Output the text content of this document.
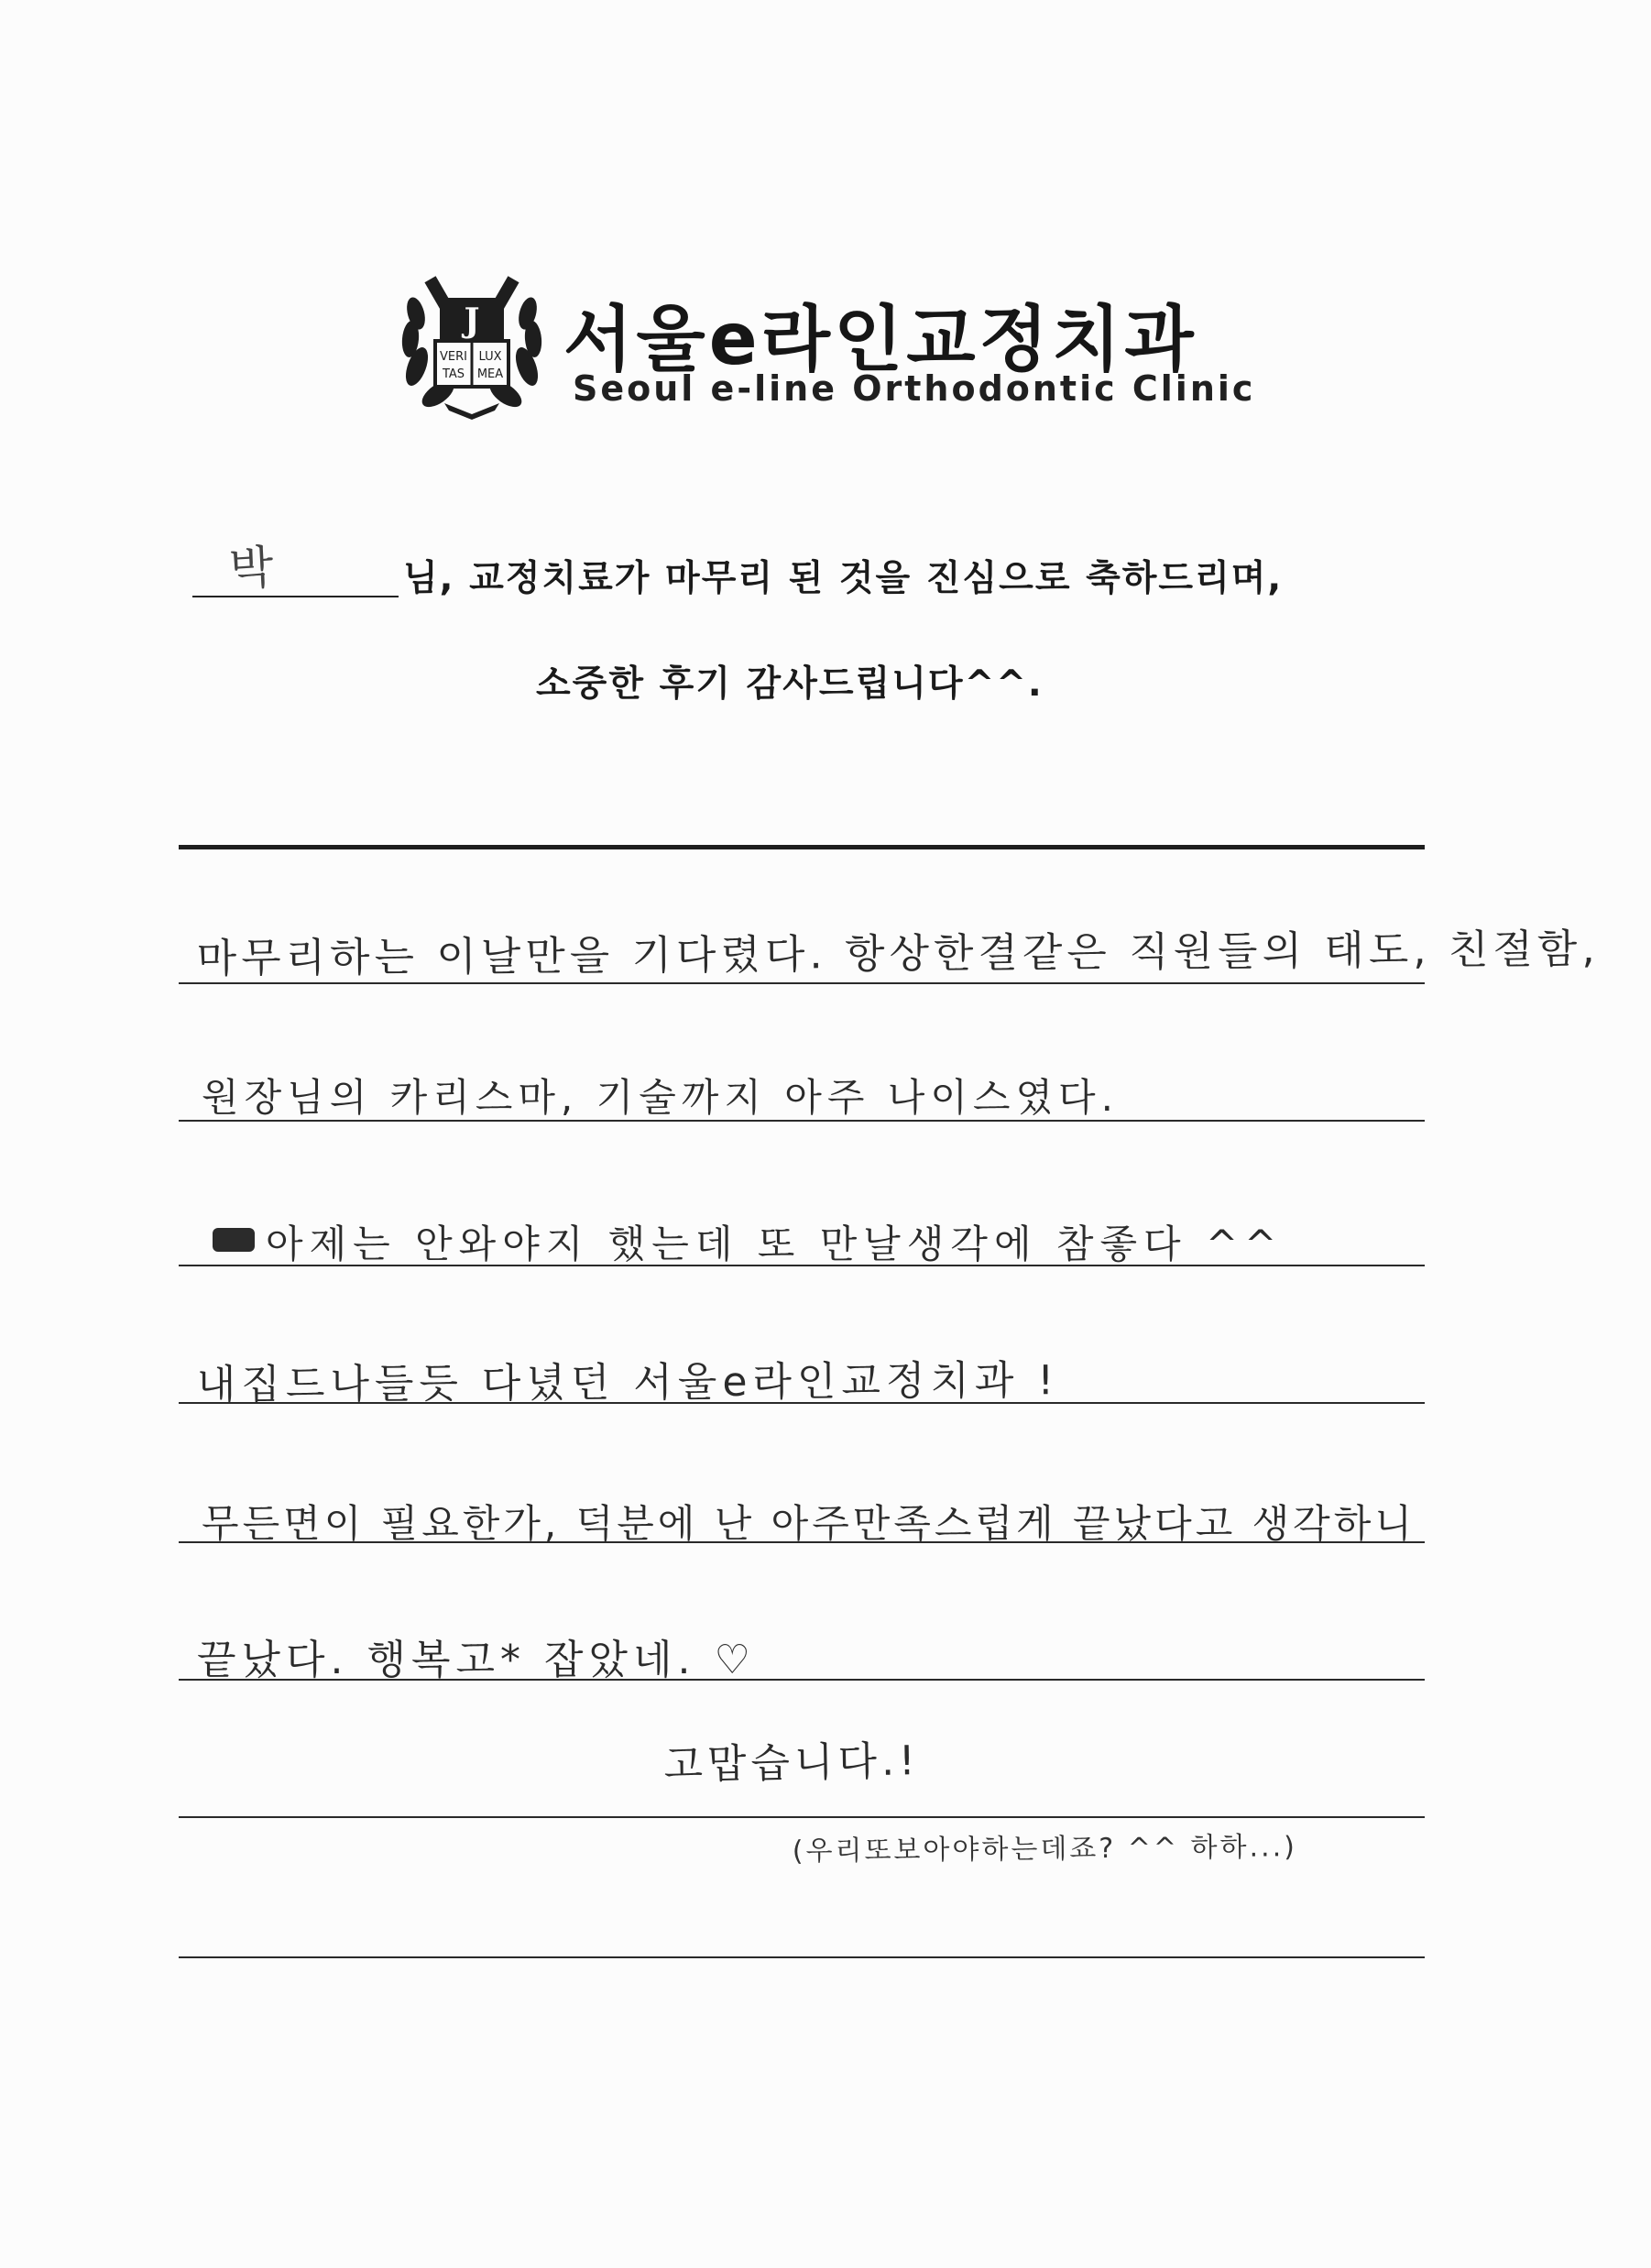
J
VERI LUX
TAS MEA 서울e라인교정치과
Seoul e-line Orthodontic Clinic
박	님, 교정치료가 마무리 된 것을 진심으로 축하드리며,
소중한 후기 감사드립니다^^.
마무리하는 이날만을 기다렸다. 항상한결같은 직원들의 태도, 친절함,
원장님의 카리스마, 기술까지 아주 나이스였다.
아제는 안와야지 했는데 또 만날생각에 참좋다 ^^
내집드나들듯 다녔던 서울e라인교정치과 !
무든면이 필요한가, 덕분에 난 아주만족스럽게 끝났다고 생각하니
끝났다. 행복고* 잡았네. ♡
고맙습니다.!
(우리또보아야하는데죠? ^^ 하하...)
